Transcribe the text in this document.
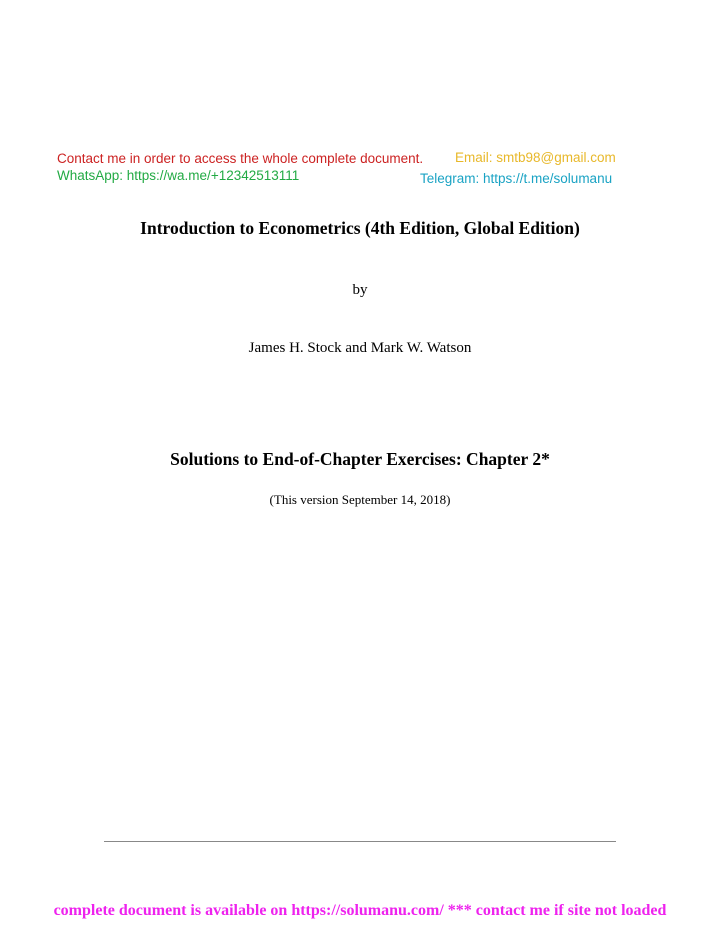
Contact me in order to access the whole complete document. Email: smtb98@gmail.com
WhatsApp: https://wa.me/+12342513111	Telegram: https://t.me/solumanu
Introduction to Econometrics (4th Edition, Global Edition)
by
James H. Stock and Mark W. Watson
Solutions to End-of-Chapter Exercises: Chapter 2*
(This version September 14, 2018)
complete document is available on https://solumanu.com/ *** contact me if site not loaded
